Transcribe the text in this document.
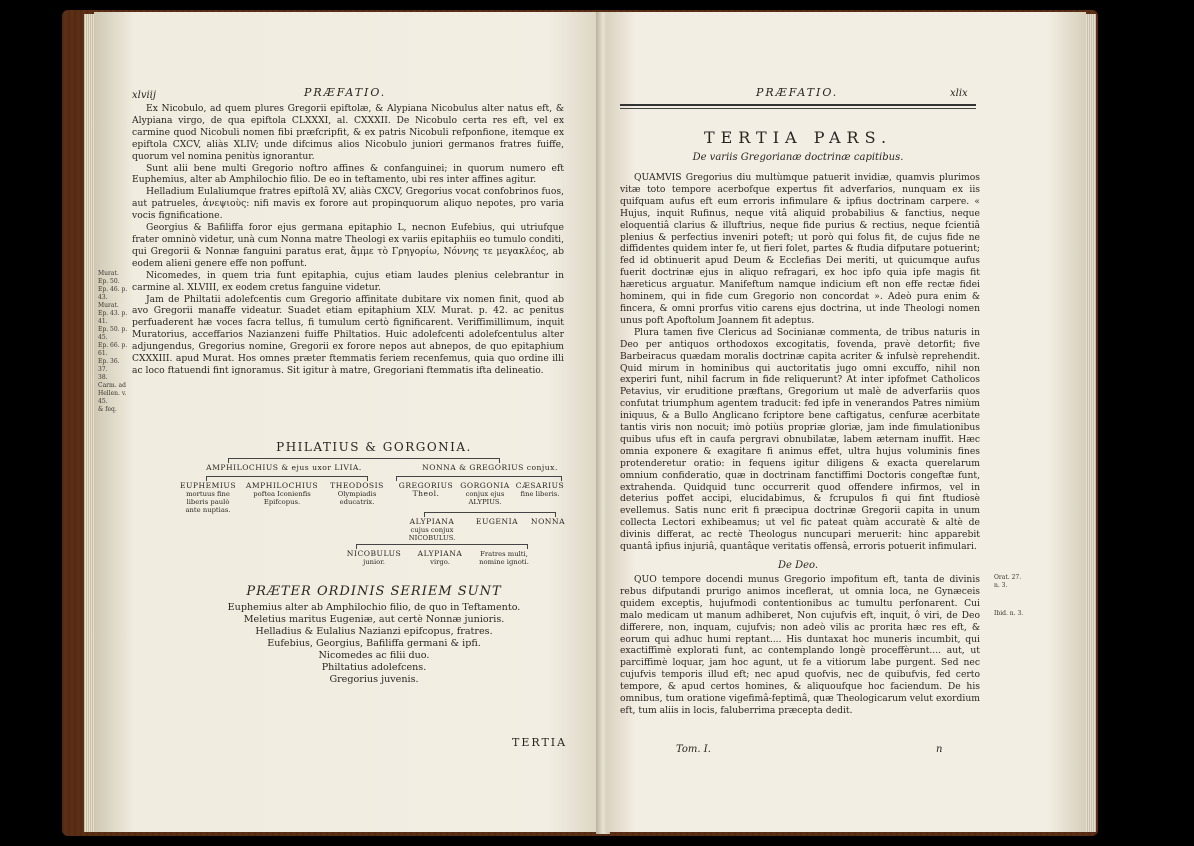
xlviij	PRÆFATIO.

Ex Nicobulo, ad quem plures Gregorii epiftolæ, & Alypiana Nicobulus alter natus eft, & Alypiana virgo, de qua epiftola CLXXXI, al. CXXXII. De Nicobulo certa res eft, vel ex carmine quod Nicobuli nomen fibi præfcripfit, & ex patris Nicobuli refponfione, itemque ex epiftola CXCV, aliàs XLIV; unde difcimus alios Nicobulo juniori germanos fratres fuiffe, quorum vel nomina penitùs ignorantur.

Sunt alii bene multi Gregorio noftro affines & confanguinei; in quorum numero eft Euphemius, alter ab Amphilochio filio. De eo in teftamento, ubi res inter affines agitur.

Helladium Eulaliumque fratres epiftolâ XV, aliàs CXCV, Gregorius vocat confobrinos fuos, aut patrueles, ἀνεψιοὺς: nifi mavis ex forore aut propinquorum aliquo nepotes, pro varia vocis fignificatione.

Georgius & Bafiliffa foror ejus germana epitaphio L, necnon Eufebius, qui utriufque frater omninò videtur, unà cum Nonna matre Theologi ex variis epitaphiis eo tumulo conditi, qui Gregorii & Nonnæ fanguini paratus erat, ἄμμε τὸ Γρηγορίω, Νόννης τε μεγακλέος, ab eodem alieni genere effe non poffunt.

Nicomedes, in quem tria funt epitaphia, cujus etiam laudes plenius celebrantur in carmine al. XLVIII, ex eodem cretus fanguine videtur.

Jam de Philtatii adolefcentis cum Gregorio affinitate dubitare vix nomen finit, quod ab avo Gregorii manaffe videatur. Suadet etiam epitaphium XLV. Murat. p. 42. ac penitus perfuaderent hæ voces facra tellus, fi tumulum certò fignificarent. Veriffimillimum, inquit Muratorius, acceffarios Nazianzeni fuiffe Philtatios. Huic adolefcenti adolefcentulus alter adjungendus, Gregorius nomine, Gregorii ex forore nepos aut abnepos, de quo epitaphium CXXXIII. apud Murat. Hos omnes præter ftemmatis feriem recenfemus, quia quo ordine illi ac loco ftatuendi fint ignoramus. Sit igitur à matre, Gregoriani ftemmatis ifta delineatio.

Murat. Ep. 50.
Ep. 46. p. 43.
Murat. Ep. 43. p. 41.
Ep. 50. p. 45.
Ep. 66. p. 61.
Ep. 36. 37.
38.
Carm. ad Hellen. v. 45.
& feq.
PHILATIUS & GORGONIA.
AMPHILOCHIUS & ejus uxor LIVIA.	NONNA & GREGORIUS conjux.
EUPHEMIUS
mortuus fine liberis paulò ante nuptias.
AMPHILOCHIUS
poftea Iconienfis Epifcopus.
THEODOSIS
Olympiadis educatrix.
GREGORIUS Theol.
GORGONIA
conjux ejus ALYPIUS.
CÆSARIUS
fine liberis.
ALYPIANA
cujus conjux NICOBULUS.
EUGENIA	NONNA
NICOBULUS
junior.
ALYPIANA
virgo.
Fratres multi,
nomine ignoti.
PRÆTER ORDINIS SERIEM SUNT
Euphemius alter ab Amphilochio filio, de quo in Teftamento.
Meletius maritus Eugeniæ, aut certè Nonnæ junioris.
Helladius & Eulalius Nazianzi epifcopus, fratres.
Eufebius, Georgius, Bafiliffa germani & ipfi.
Nicomedes ac filii duo.
Philtatius adolefcens.
Gregorius juvenis.
TERTIA
PRÆFATIO.	xlix
TERTIA PARS.
De variis Gregorianæ doctrinæ capitibus.

QUAMVIS Gregorius diu multùmque patuerit invidiæ, quamvis plurimos vitæ toto tempore acerbofque expertus fit adverfarios, nunquam ex iis quifquam aufus eft eum erroris infimulare & ipfius doctrinam carpere. « Hujus, inquit Rufinus, neque vitâ aliquid probabilius & fanctius, neque eloquentiâ clarius & illuftrius, neque fide purius & rectius, neque fcientiâ plenius & perfectius inveniri poteft; ut porò qui folus fit, de cujus fide ne diffidentes quidem inter fe, ut fieri folet, partes & ftudia difputare potuerint; fed id obtinuerit apud Deum & Ecclefias Dei meriti, ut quicumque aufus fuerit doctrinæ ejus in aliquo refragari, ex hoc ipfo quia ipfe magis fit hæreticus arguatur. Manifeftum namque indicium eft non effe rectæ fidei hominem, qui in fide cum Gregorio non concordat ». Adeò pura enim & fincera, & omni prorfus vitio carens ejus doctrina, ut inde Theologi nomen unus poft Apoftolum Joannem fit adeptus.

Plura tamen five Clericus ad Socinianæ commenta, de tribus naturis in Deo per antiquos orthodoxos excogitatis, fovenda, pravè detorfit; five Barbeiracus quædam moralis doctrinæ capita acriter & infulsè reprehendit. Quid mirum in hominibus qui auctoritatis jugo omni excuffo, nihil non experiri funt, nihil facrum in fide reliquerunt? At inter ipfofmet Catholicos Petavius, vir eruditione præftans, Gregorium ut malè de adverfariis quos confutat triumphum agentem traducit: fed ipfe in venerandos Patres nimiùm iniquus, & a Bullo Anglicano fcriptore bene caftigatus, cenfuræ acerbitate tantis viris non nocuit; imò potiùs propriæ gloriæ, jam inde fimulationibus quibus ufus eft in caufa pergravi obnubilatæ, labem æternam inuffit. Hæc omnia exponere & exagitare fi animus effet, ultra hujus voluminis fines protenderetur oratio: in fequens igitur diligens & exacta querelarum omnium confideratio, quæ in doctrinam fanctiffimi Doctoris congeftæ funt, extrahenda. Quidquid tunc occurrerit quod offendere infirmos, vel in deterius poffet accipi, elucidabimus, & fcrupulos fi qui fint ftudiosè evellemus. Satis nunc erit fi præcipua doctrinæ Gregorii capita in unum collecta Lectori exhibeamus; ut vel fic pateat quàm accuratè & altè de divinis differat, ac rectè Theologus nuncupari meruerit: hinc apparebit quantâ ipfius injuriâ, quantâque veritatis offensâ, erroris potuerit infimulari.

De Deo.

QUO tempore docendi munus Gregorio impofitum eft, tanta de divinis rebus difputandi prurigo animos inceflerat, ut omnia loca, ne Gynæceis quidem exceptis, hujufmodi contentionibus ac tumultu perfonarent. Cui malo medicam ut manum adhiberet, Non cujufvis eft, inquit, ô viri, de Deo differere, non, inquam, cujufvis; non adeò vilis ac prorita hæc res eft, & eorum qui adhuc humi reptant.... His duntaxat hoc muneris incumbit, qui exactiffimè explorati funt, ac contemplando longè proceffèrunt.... aut, ut parciffimè loquar, jam hoc agunt, ut fe a vitiorum labe purgent. Sed nec cujufvis temporis illud eft; nec apud quofvis, nec de quibufvis, fed certo tempore, & apud certos homines, & aliquoufque hoc faciendum. De his omnibus, tum oratione vigefimâ-feptimâ, quæ Theologicarum velut exordium eft, tum aliis in locis, faluberrima præcepta dedit.

Orat. 27.
n. 3.
Ibid. n. 3.
Tom. I.	n
